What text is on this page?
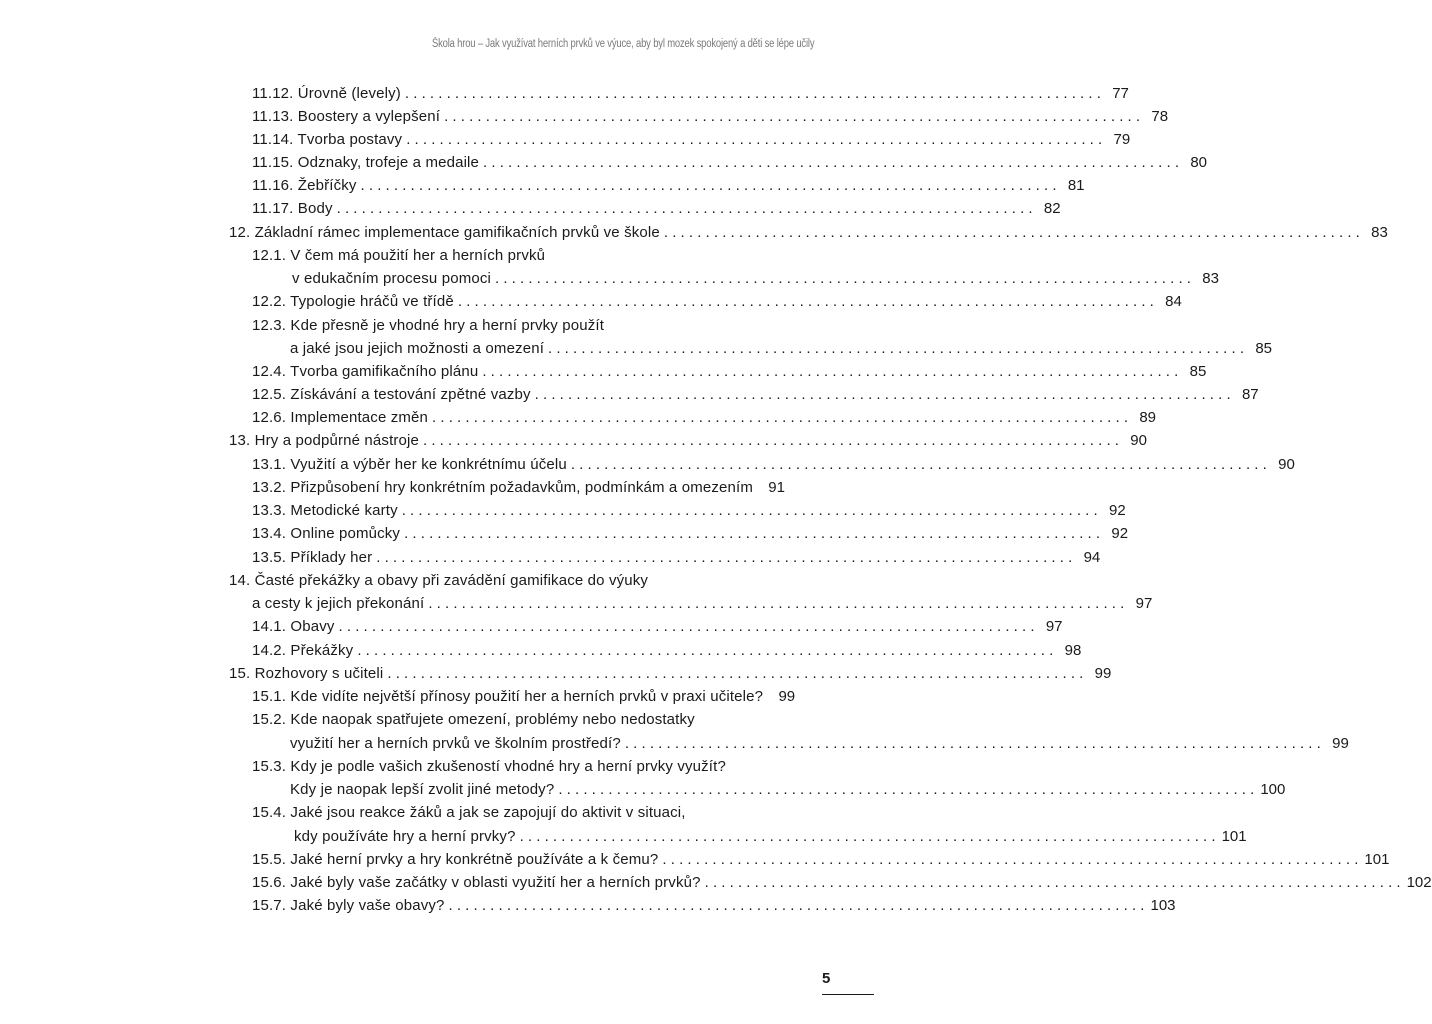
Škola hrou – Jak využívat herních prvků ve výuce, aby byl mozek spokojený a děti se lépe učily
11.12. Úrovně (levely) . . .	77
11.13. Boostery a vylepšení . . .	78
11.14. Tvorba postavy . . .	79
11.15. Odznaky, trofeje a medaile . . .	80
11.16. Žebříčky . . .	81
11.17. Body . . .	82
12. Základní rámec implementace gamifikačních prvků ve škole . . .	83
12.1. V čem má použití her a herních prvků
v edukačním procesu pomoci . . .	83
12.2. Typologie hráčů ve třídě . . .	84
12.3. Kde přesně je vhodné hry a herní prvky použít
a jaké jsou jejich možnosti a omezení . . .	85
12.4. Tvorba gamifikačního plánu . . .	85
12.5. Získávání a testování zpětné vazby . . .	87
12.6. Implementace změn . . .	89
13. Hry a podpůrné nástroje . . .	90
13.1. Využití a výběr her ke konkrétnímu účelu . . .	90
13.2. Přizpůsobení hry konkrétním požadavkům, podmínkám a omezením	91
13.3. Metodické karty . . .	92
13.4. Online pomůcky . . .	92
13.5. Příklady her . . .	94
14. Časté překážky a obavy při zavádění gamifikace do výuky
a cesty k jejich překonání . . .	97
14.1. Obavy . . .	97
14.2. Překážky . . .	98
15. Rozhovory s učiteli . . .	99
15.1. Kde vidíte největší přínosy použití her a herních prvků v praxi učitele?	99
15.2. Kde naopak spatřujete omezení, problémy nebo nedostatky
využití her a herních prvků ve školním prostředí? . . .	99
15.3. Kdy je podle vašich zkušeností vhodné hry a herní prvky využít?
Kdy je naopak lepší zvolit jiné metody? . . .	100
15.4. Jaké jsou reakce žáků a jak se zapojují do aktivit v situaci,
kdy používáte hry a herní prvky? . . .	101
15.5. Jaké herní prvky a hry konkrétně používáte a k čemu? . . .	101
15.6. Jaké byly vaše začátky v oblasti využití her a herních prvků? . . .	102
15.7. Jaké byly vaše obavy? . . .	103
5
